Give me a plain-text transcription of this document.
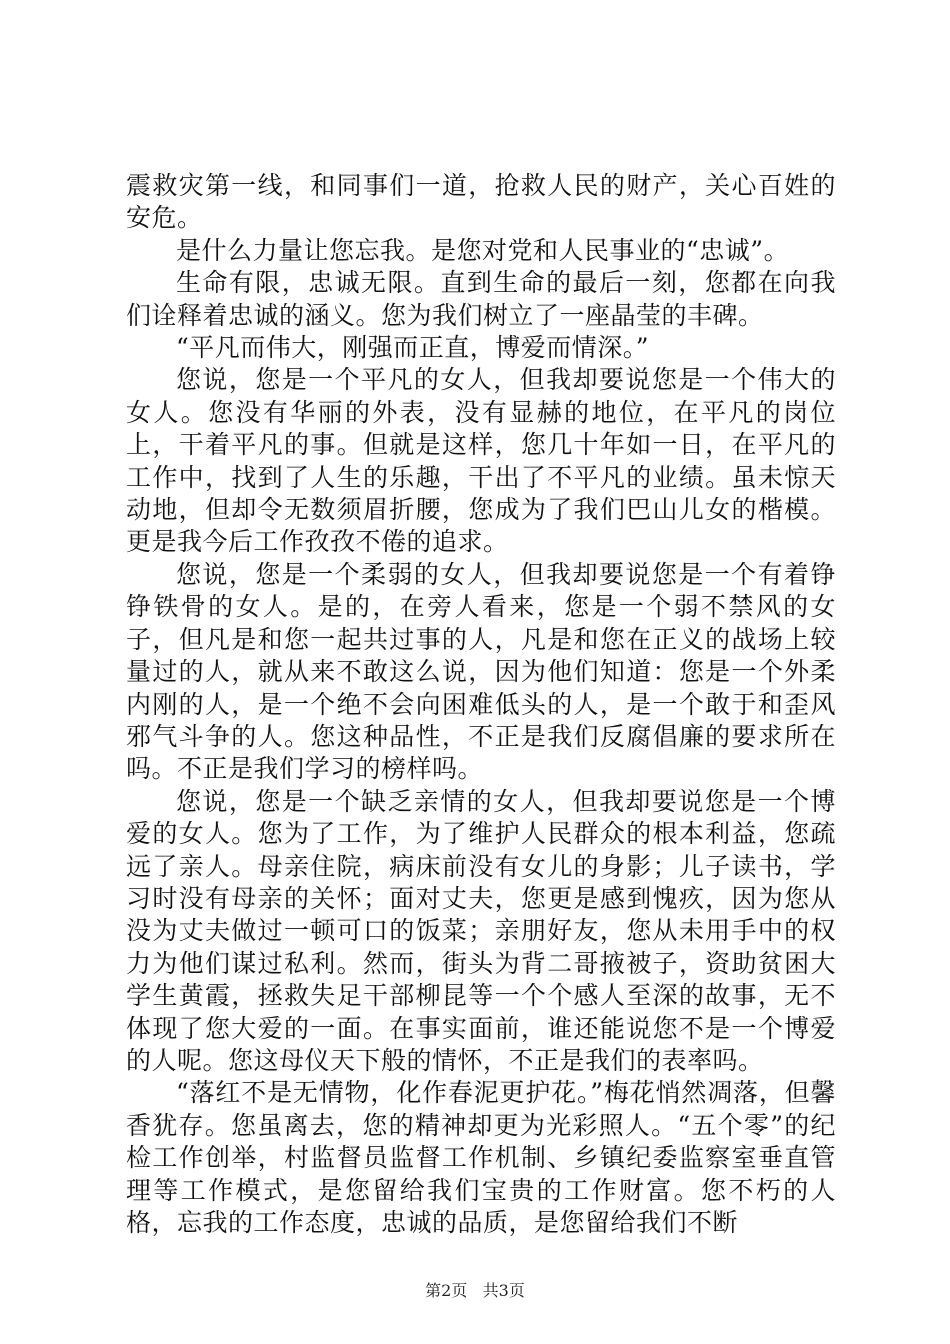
震救灾第一线，和同事们一道，抢救人民的财产，关心百姓的安危。

是什么力量让您忘我。是您对党和人民事业的“忠诚”。

生命有限，忠诚无限。直到生命的最后一刻，您都在向我们诠释着忠诚的涵义。您为我们树立了一座晶莹的丰碑。

“平凡而伟大，刚强而正直，博爱而情深。”

您说，您是一个平凡的女人，但我却要说您是一个伟大的女人。您没有华丽的外表，没有显赫的地位，在平凡的岗位上，干着平凡的事。但就是这样，您几十年如一日，在平凡的工作中，找到了人生的乐趣，干出了不平凡的业绩。虽未惊天动地，但却令无数须眉折腰，您成为了我们巴山儿女的楷模。更是我今后工作孜孜不倦的追求。

您说，您是一个柔弱的女人，但我却要说您是一个有着铮铮铁骨的女人。是的，在旁人看来，您是一个弱不禁风的女子，但凡是和您一起共过事的人，凡是和您在正义的战场上较量过的人，就从来不敢这么说，因为他们知道：您是一个外柔内刚的人，是一个绝不会向困难低头的人，是一个敢于和歪风邪气斗争的人。您这种品性，不正是我们反腐倡廉的要求所在吗。不正是我们学习的榜样吗。

您说，您是一个缺乏亲情的女人，但我却要说您是一个博爱的女人。您为了工作，为了维护人民群众的根本利益，您疏远了亲人。母亲住院，病床前没有女儿的身影；儿子读书，学习时没有母亲的关怀；面对丈夫，您更是感到愧疚，因为您从没为丈夫做过一顿可口的饭菜；亲朋好友，您从未用手中的权力为他们谋过私利。然而，街头为背二哥掖被子，资助贫困大学生黄霞，拯救失足干部柳昆等一个个感人至深的故事，无不体现了您大爱的一面。在事实面前，谁还能说您不是一个博爱的人呢。您这母仪天下般的情怀，不正是我们的表率吗。

“落红不是无情物，化作春泥更护花。”梅花悄然凋落，但馨香犹存。您虽离去，您的精神却更为光彩照人。“五个零”的纪检工作创举，村监督员监督工作机制、乡镇纪委监察室垂直管理等工作模式，是您留给我们宝贵的工作财富。您不朽的人格，忘我的工作态度，忠诚的品质，是您留给我们不断

第2页 共3页
